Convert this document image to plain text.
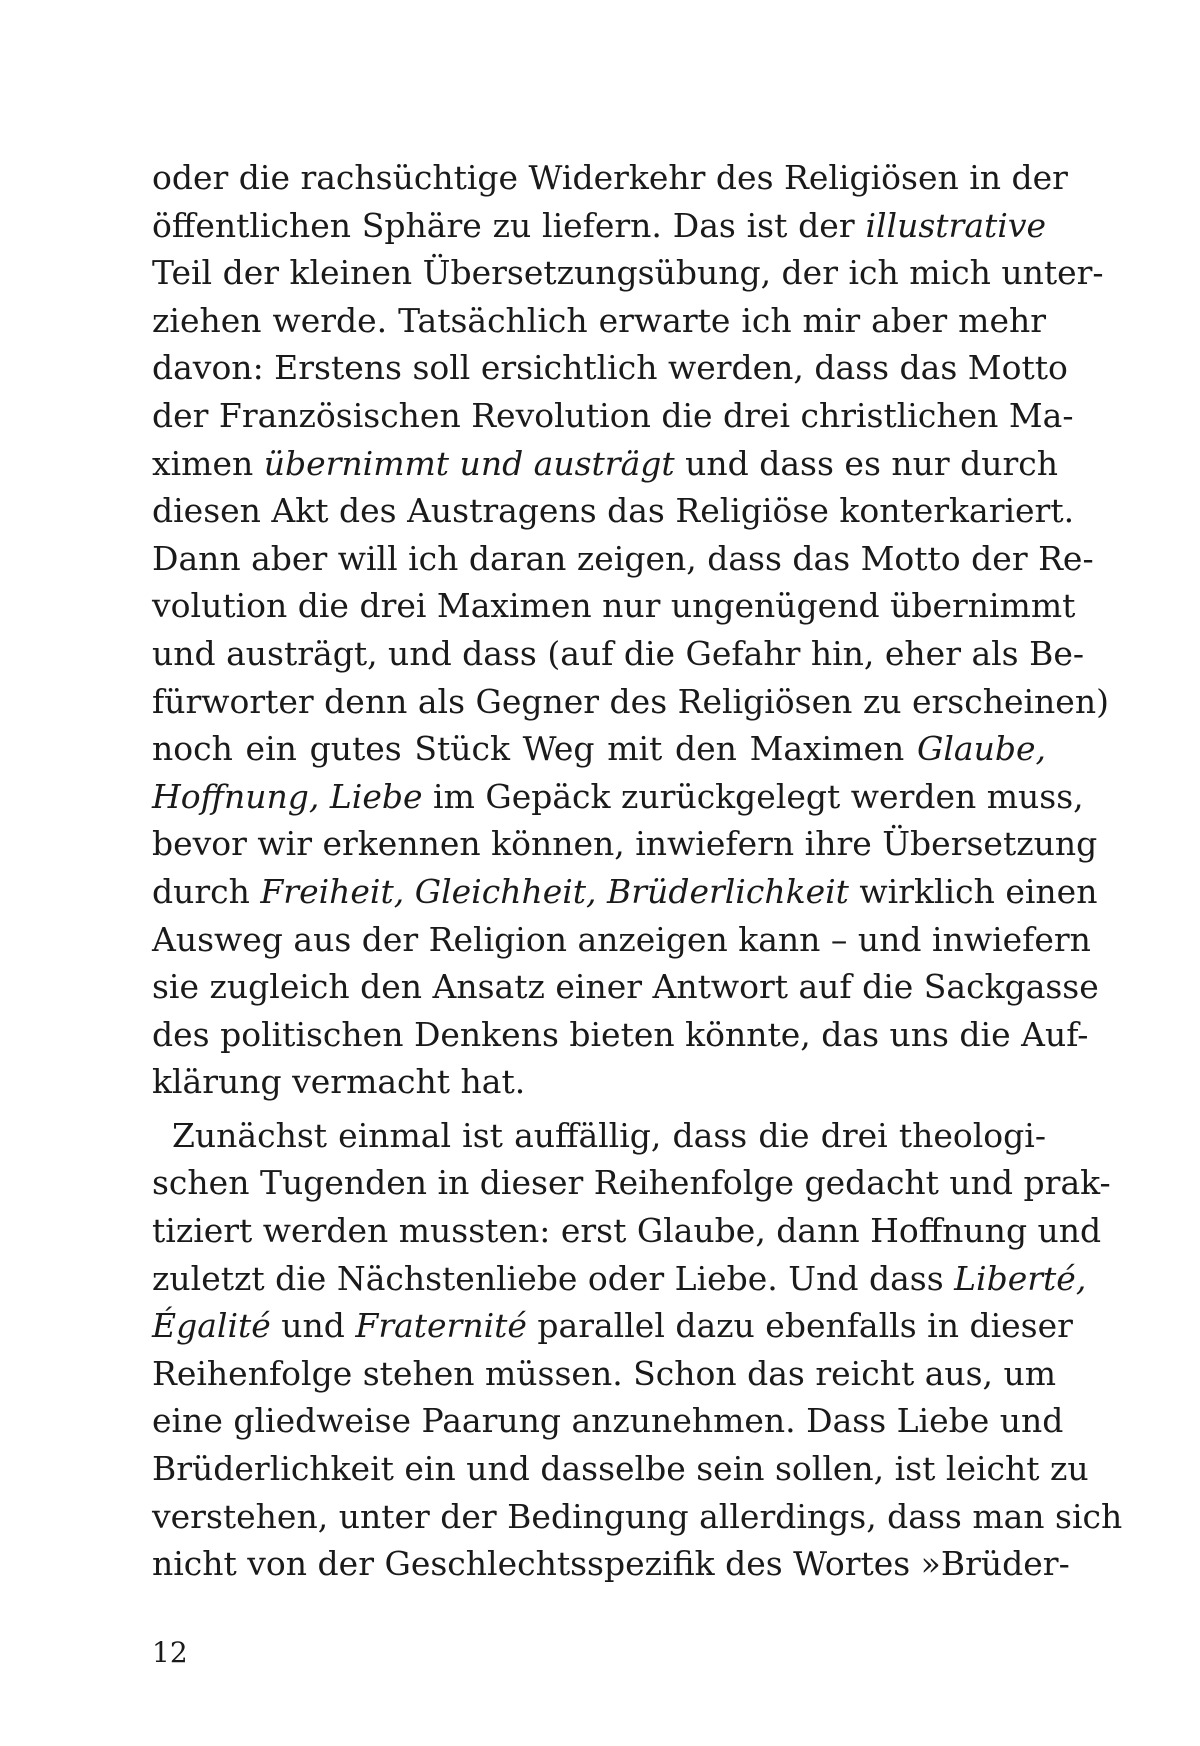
oder die rachsüchtige Widerkehr des Religiösen in der
öffentlichen Sphäre zu liefern. Das ist der illustrative
Teil der kleinen Übersetzungsübung, der ich mich unter-
ziehen werde. Tatsächlich erwarte ich mir aber mehr
davon: Erstens soll ersichtlich werden, dass das Motto
der Französischen Revolution die drei christlichen Ma-
ximen übernimmt und austrägt und dass es nur durch
diesen Akt des Austragens das Religiöse konterkariert.
Dann aber will ich daran zeigen, dass das Motto der Re-
volution die drei Maximen nur ungenügend übernimmt
und austrägt, und dass (auf die Gefahr hin, eher als Be-
fürworter denn als Gegner des Religiösen zu erscheinen)
noch ein gutes Stück Weg mit den Maximen Glaube,
Hoffnung, Liebe im Gepäck zurückgelegt werden muss,
bevor wir erkennen können, inwiefern ihre Übersetzung
durch Freiheit, Gleichheit, Brüderlichkeit wirklich einen
Ausweg aus der Religion anzeigen kann – und inwiefern
sie zugleich den Ansatz einer Antwort auf die Sackgasse
des politischen Denkens bieten könnte, das uns die Auf-
klärung vermacht hat.
Zunächst einmal ist auffällig, dass die drei theologi-
schen Tugenden in dieser Reihenfolge gedacht und prak-
tiziert werden mussten: erst Glaube, dann Hoffnung und
zuletzt die Nächstenliebe oder Liebe. Und dass Liberté,
Égalité und Fraternité parallel dazu ebenfalls in dieser
Reihenfolge stehen müssen. Schon das reicht aus, um
eine gliedweise Paarung anzunehmen. Dass Liebe und
Brüderlichkeit ein und dasselbe sein sollen, ist leicht zu
verstehen, unter der Bedingung allerdings, dass man sich
nicht von der Geschlechtsspezifik des Wortes »Brüder-
12
